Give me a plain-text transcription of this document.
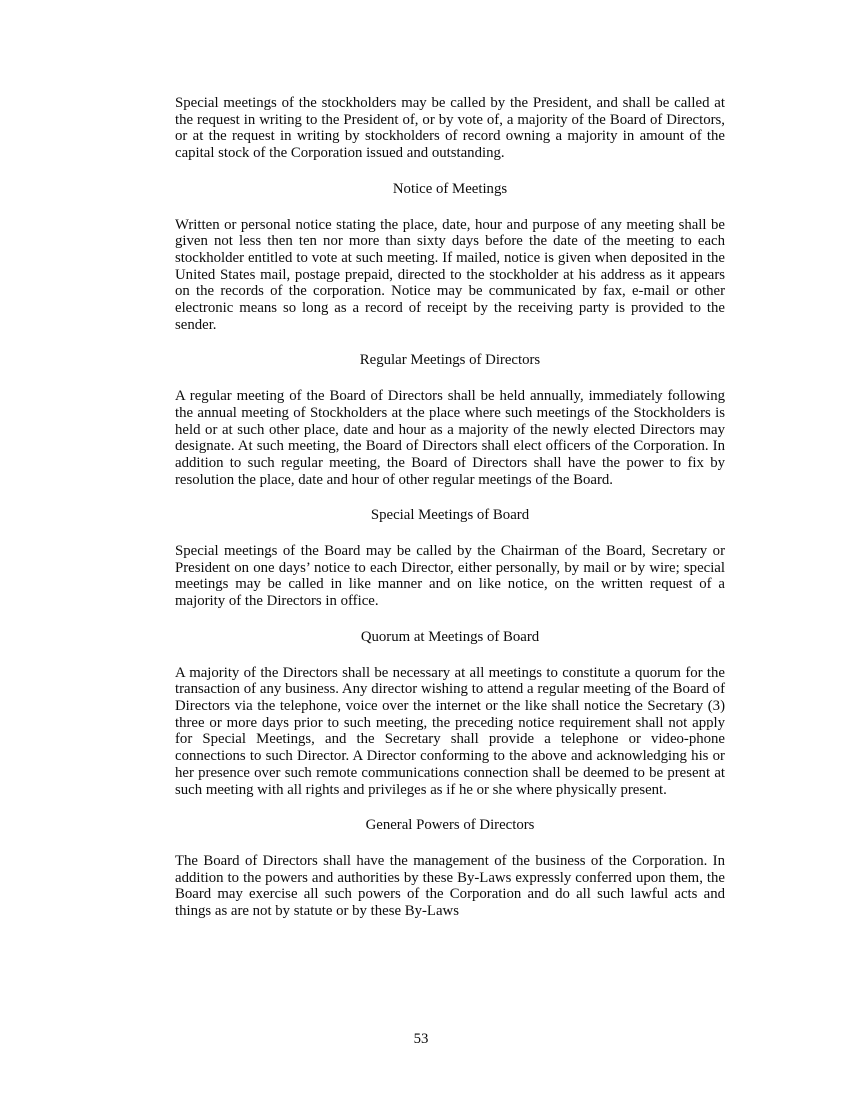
Special meetings of the stockholders may be called by the President, and shall be called at the request in writing to the President of, or by vote of, a majority of the Board of Directors, or at the request in writing by stockholders of record owning a majority in amount of the capital stock of the Corporation issued and outstanding.

Notice of Meetings

Written or personal notice stating the place, date, hour and purpose of any meeting shall be given not less then ten nor more than sixty days before the date of the meeting to each stockholder entitled to vote at such meeting. If mailed, notice is given when deposited in the United States mail, postage prepaid, directed to the stockholder at his address as it appears on the records of the corporation. Notice may be communicated by fax, e-mail or other electronic means so long as a record of receipt by the receiving party is provided to the sender.

Regular Meetings of Directors

A regular meeting of the Board of Directors shall be held annually, immediately following the annual meeting of Stockholders at the place where such meetings of the Stockholders is held or at such other place, date and hour as a majority of the newly elected Directors may designate. At such meeting, the Board of Directors shall elect officers of the Corporation. In addition to such regular meeting, the Board of Directors shall have the power to fix by resolution the place, date and hour of other regular meetings of the Board.

Special Meetings of Board

Special meetings of the Board may be called by the Chairman of the Board, Secretary or President on one days’ notice to each Director, either personally, by mail or by wire; special meetings may be called in like manner and on like notice, on the written request of a majority of the Directors in office.

Quorum at Meetings of Board

A majority of the Directors shall be necessary at all meetings to constitute a quorum for the transaction of any business. Any director wishing to attend a regular meeting of the Board of Directors via the telephone, voice over the internet or the like shall notice the Secretary (3) three or more days prior to such meeting, the preceding notice requirement shall not apply for Special Meetings, and the Secretary shall provide a telephone or video-phone connections to such Director. A Director conforming to the above and acknowledging his or her presence over such remote communications connection shall be deemed to be present at such meeting with all rights and privileges as if he or she where physically present.

General Powers of Directors

The Board of Directors shall have the management of the business of the Corporation. In addition to the powers and authorities by these By-Laws expressly conferred upon them, the Board may exercise all such powers of the Corporation and do all such lawful acts and things as are not by statute or by these By-Laws

53
